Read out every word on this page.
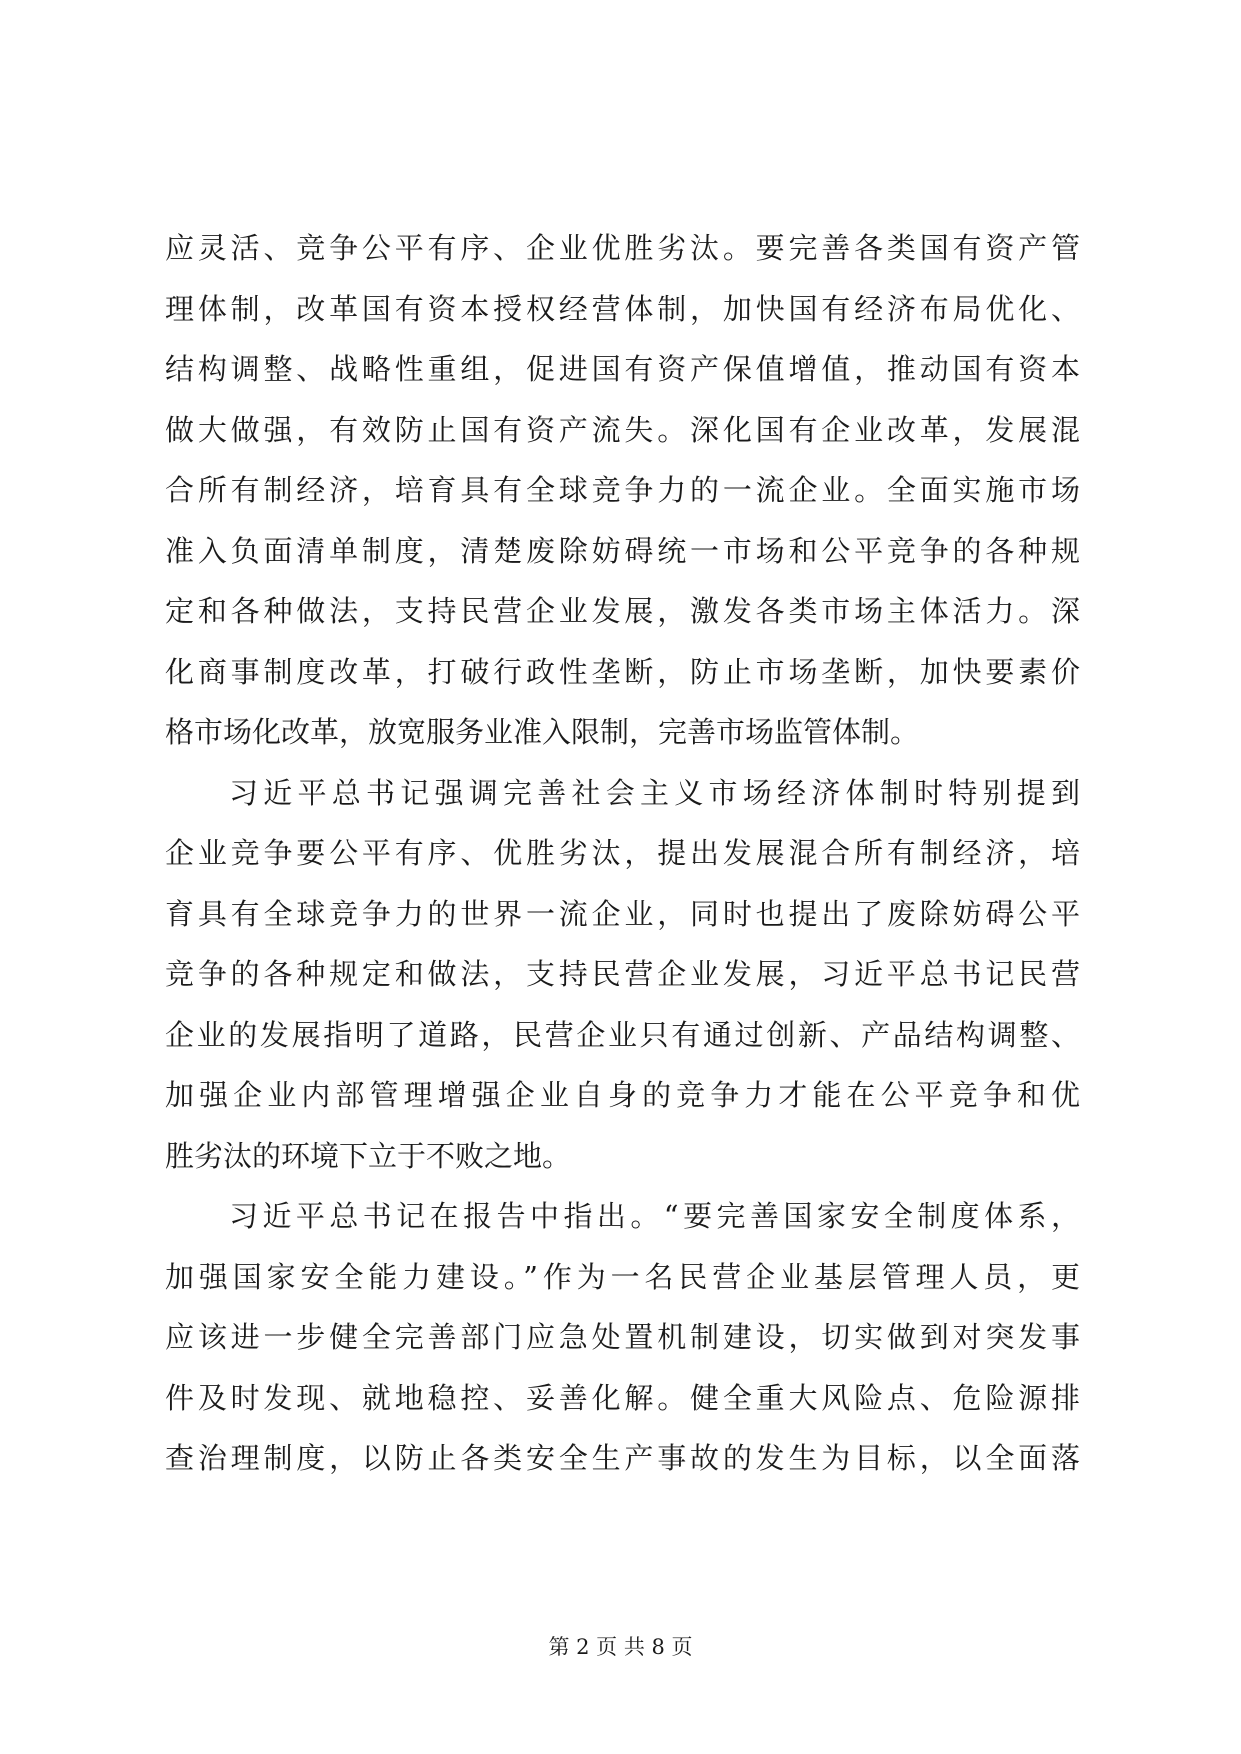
应灵活、竞争公平有序、企业优胜劣汰。要完善各类国有资产管
理体制，改革国有资本授权经营体制，加快国有经济布局优化、
结构调整、战略性重组，促进国有资产保值增值，推动国有资本
做大做强，有效防止国有资产流失。深化国有企业改革，发展混
合所有制经济，培育具有全球竞争力的一流企业。全面实施市场
准入负面清单制度，清楚废除妨碍统一市场和公平竞争的各种规
定和各种做法，支持民营企业发展，激发各类市场主体活力。深
化商事制度改革，打破行政性垄断，防止市场垄断，加快要素价
格市场化改革，放宽服务业准入限制，完善市场监管体制。
习近平总书记强调完善社会主义市场经济体制时特别提到
企业竞争要公平有序、优胜劣汰，提出发展混合所有制经济，培
育具有全球竞争力的世界一流企业，同时也提出了废除妨碍公平
竞争的各种规定和做法，支持民营企业发展，习近平总书记民营
企业的发展指明了道路，民营企业只有通过创新、产品结构调整、
加强企业内部管理增强企业自身的竞争力才能在公平竞争和优
胜劣汰的环境下立于不败之地。
习近平总书记在报告中指出。“要完善国家安全制度体系，
加强国家安全能力建设。”作为一名民营企业基层管理人员，更
应该进一步健全完善部门应急处置机制建设，切实做到对突发事
件及时发现、就地稳控、妥善化解。健全重大风险点、危险源排
查治理制度，以防止各类安全生产事故的发生为目标，以全面落
第 2 页 共 8 页
